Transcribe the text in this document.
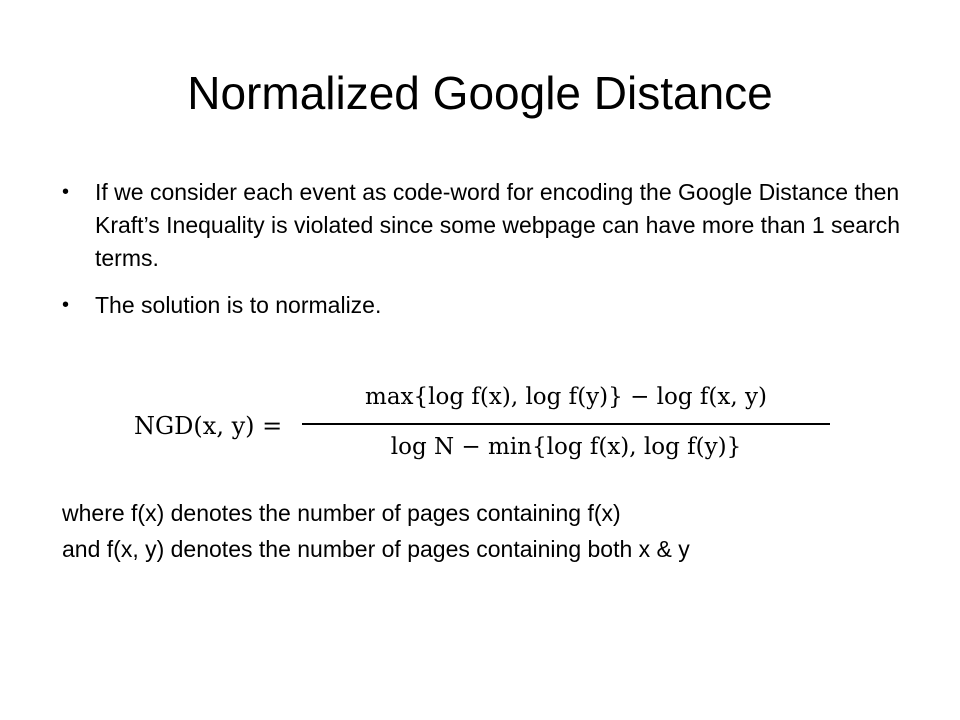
Normalized Google Distance
•	If we consider each event as code-word for encoding the Google Distance then Kraft’s Inequality is violated since some webpage can have more than 1 search terms.
•	The solution is to normalize.
NGD(x, y) =
max{log f(x), log f(y)} − log f(x, y)
log N − min{log f(x), log f(y)}
where f(x) denotes the number of pages containing f(x)
and f(x, y) denotes the number of pages containing both x & y
